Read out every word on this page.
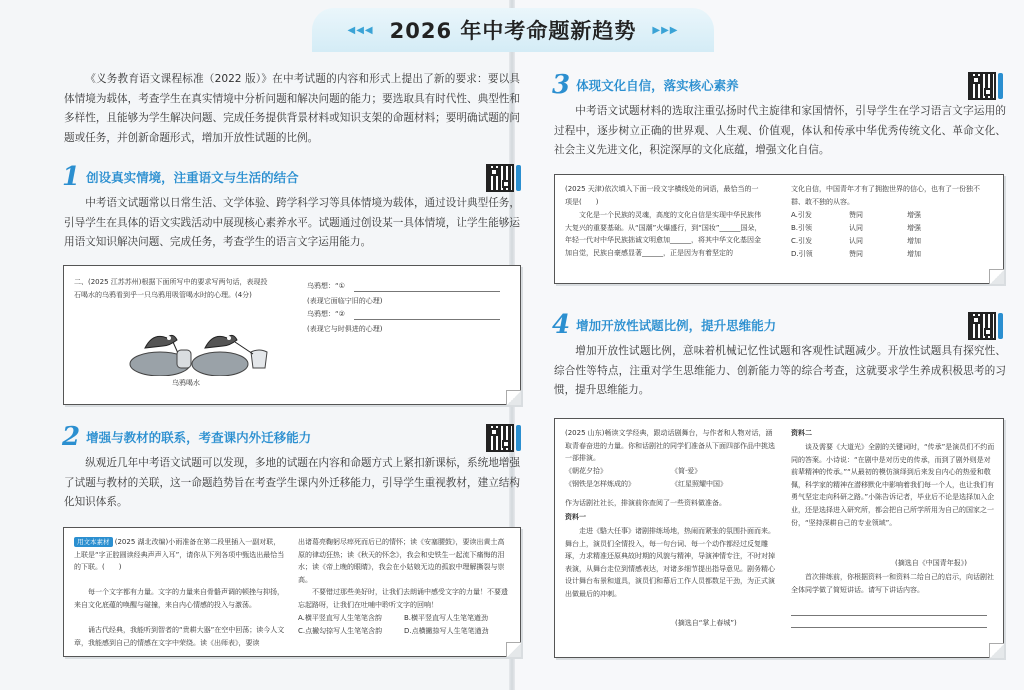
◀◀◀ 2026 年中考命题新趋势 ▶▶▶
《义务教育语文课程标准（2022 版）》在中考试题的内容和形式上提出了新的要求：要以具体情境为载体，考查学生在真实情境中分析问题和解决问题的能力；要选取具有时代性、典型性和多样性，且能够为学生解决问题、完成任务提供背景材料或知识支架的命题材料；要明确试题的问题或任务，并创新命题形式，增加开放性试题的比例。
1 创设真实情境，注重语文与生活的结合
中考语文试题常以日常生活、文学体验、跨学科学习等具体情境为载体，通过设计典型任务，引导学生在具体的语文实践活动中展现核心素养水平。试题通过创设某一具体情境，让学生能够运用语文知识解决问题、完成任务，考查学生的语言文字运用能力。
二、(2025 江苏苏州)根据下面所写中的要求写两句话，表现投石喝水的乌鸦看到乎一只乌鸦用吸管喝水时的心理。(4分)
乌鸦想：“①
(表现它面临宁旧的心理)
乌鸦想：“②
(表现它与时俱进的心理)
乌鸦喝水
2 增强与教材的联系，考查课内外迁移能力
纵观近几年中考语文试题可以发现，多地的试题在内容和命题方式上紧扣新课标，系统地增强了试题与教材的关联，这一命题趋势旨在考查学生课内外迁移能力，引导学生重视教材，建立结构化知识体系。
用文本素材 (2025 湖北改编)小雨准备在第二段里插入一副对联，上联是“字正腔圆读经典声声入耳”，请你从下列各项中甄选出最恰当的下联。(　　)
每一个文字都有力量。文字的力量来自骨骼声调的顿挫与抑扬，来自文化底蕴的唤醒与碰撞，来自内心情感的投入与激荡。
诵古代经典，我能听到智者的“贵耕大器”在空中回荡；读今人文章，我能感到自己的情感在文字中荣绕。读《出师表》，要读
出诸葛亮鞠躬尽瘁死而后已的情怀；读《安塞腰鼓》，要读出黄土高原的律动狂热；读《秋天的怀念》，我会和史铁生一起流下痛悔的泪水；读《帝上晚的眼睛》，我会在小姑娘无边的孤寂中理解撕裂与崇高。
不要错过那些美好时，让我们去朗诵中感受文字的力量！不要遗忘起路呀，让我们在吐哺中聆听文字的回响！
A.横平竖直写人生笔笔含韵	B.横平竖直写人生笔笔遒劲
C.点撇勾捺写人生笔笔含韵	D.点横撇捺写人生笔笔遒劲
3 体现文化自信，落实核心素养
中考语文试题材料的选取注重弘扬时代主旋律和家国情怀，引导学生在学习语言文字运用的过程中，逐步树立正确的世界观、人生观、价值观，体认和传承中华优秀传统文化、革命文化、社会主义先进文化，积淀深厚的文化底蕴，增强文化自信。
(2025 天津)依次填入下面一段文字横线处的词语，最恰当的一项是(　　)
文化是一个民族的灵魂，高度的文化自信是实现中华民族伟大复兴的重要基础。从“国潮”火爆盛行，到“国妆”______国朵，年轻一代对中华民族拙诚文明愈加______，将其中华文化基因金加自觉，民族自豪感显著______，正是因为有着坚定的
文化自信，中国青年才有了拥抱世界的信心，也有了一份独不群、敢不独的从容。
A.引发	赞同	增强
B.引领	认同	增强
C.引发	认同	增加
D.引领	赞同	增加
4 增加开放性试题比例，提升思维能力
增加开放性试题比例，意味着机械记忆性试题和客观性试题减少。开放性试题具有探究性、综合性等特点，注重对学生思维能力、创新能力等的综合考查，这就要求学生养成积极思考的习惯，提升思维能力。
(2025 山东)畅读文学经典，跟动话剧舞台，与作者和人物对话，涵取青春奋进的力量。你和话剧社的同学们准备从下面四部作品中挑选一部排演。
《朝花夕拾》	《简·爱》
《钢铁是怎样炼成的》	《红星照耀中国》
作为话剧社社长，排演前你查阅了一些资料做准备。
资料一
走进《駱大任事》诸剧排练场地，热闹而紧张的氛围扑面而来。舞台上，演员们全情投入，每一句台词、每一个动作都经过反复雕琢，力求精准还原典故时期的风貌与精神，导演神情专注，不时对掉表演，从舞台走位到情感表达，对诸多细节提出指导意见。剧务精心设计舞台布景和道具，演员们和幕后工作人员都数足干劲，为正式演出做最后的冲刺。
(摘选自“掌上春城”)
资料二
谈及需要《大道光》全剧的关键词时，“传承”是演员们不约而同的答案。小诗说：“在剧中是对历史的传承，而到了剧外则是对前辈精神的传承。”“从最初的模仿演绎到后来发自内心的热爱和敬佩，科学家的精神在潜移默化中影响着我们每一个人，也让我们有勇气坚定走向科研之路。”小陈告诉记者，毕业后不论是选择加入企业，还是选择进入研究所，都会把自己所学所用为自己的国家之一份，“坚持深耕自己的专业领域”。
(摘选自《中国青年报》)
首次排练前，你根据资料一和资料二给自己的启示，向话剧社全体同学做了简短讲话。请写下讲话内容。
